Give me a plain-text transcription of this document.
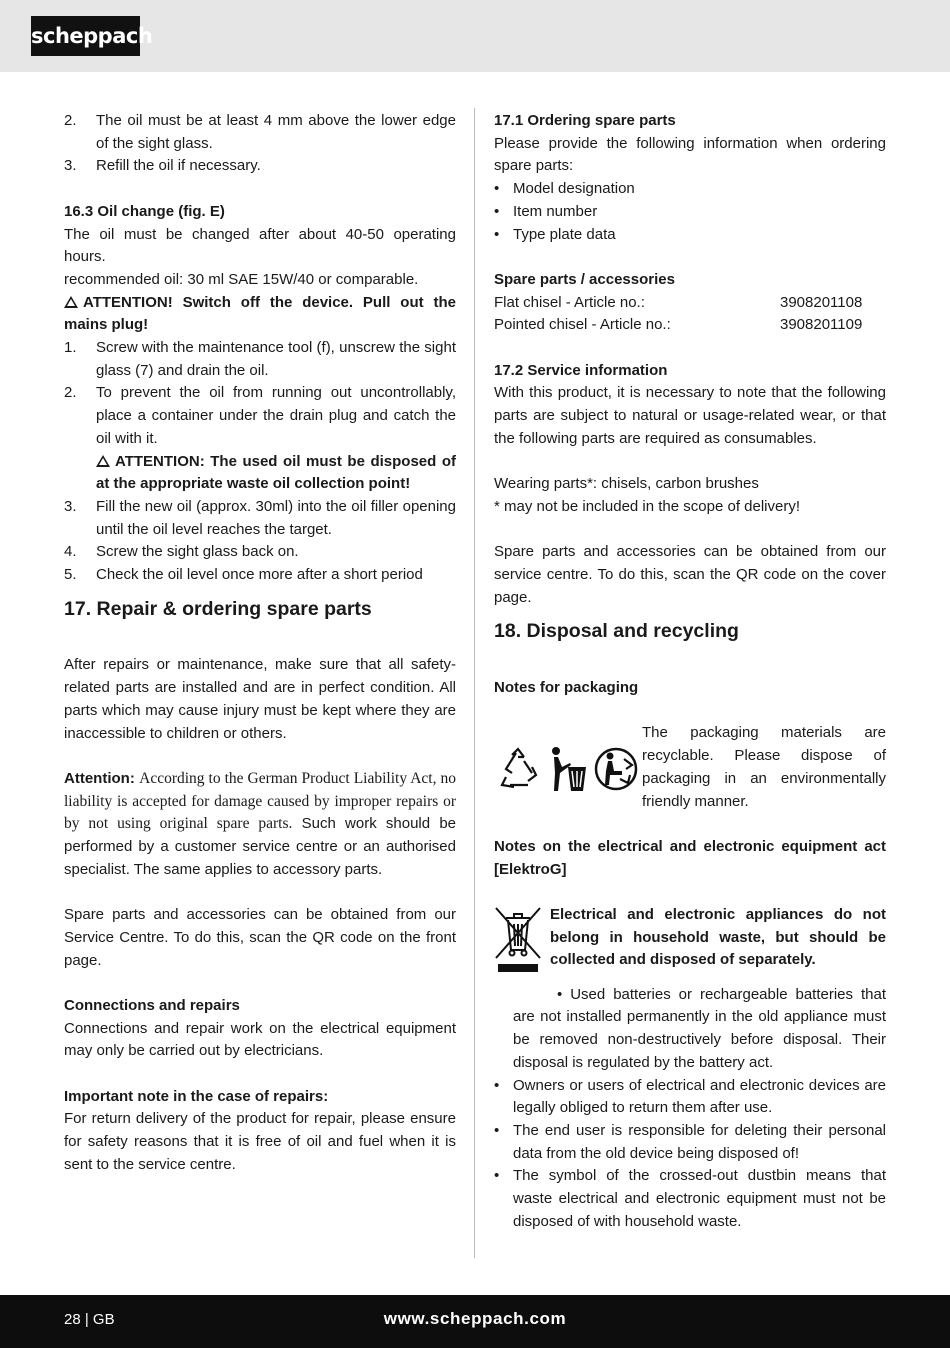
scheppach
2. The oil must be at least 4 mm above the lower edge of the sight glass.
3. Refill the oil if necessary.
16.3 Oil change (fig. E)

The oil must be changed after about 40-50 operating hours.

recommended oil: 30 ml SAE 15W/40 or comparable.

ATTENTION! Switch off the device. Pull out the mains plug!

1. Screw with the maintenance tool (f), unscrew the sight glass (7) and drain the oil.
2. To prevent the oil from running out uncontrollably, place a container under the drain plug and catch the oil with it.
ATTENTION: The used oil must be disposed of at the appropriate waste oil collection point!
3. Fill the new oil (approx. 30ml) into the oil filler opening until the oil level reaches the target.
4. Screw the sight glass back on.
5. Check the oil level once more after a short period
17. Repair & ordering spare parts

After repairs or maintenance, make sure that all safety-related parts are installed and are in perfect condition. All parts which may cause injury must be kept where they are inaccessible to children or others.

Attention: According to the German Product Liability Act, no liability is accepted for damage caused by improper repairs or by not using original spare parts. Such work should be performed by a customer service centre or an authorised specialist. The same applies to accessory parts.

Spare parts and accessories can be obtained from our Service Centre. To do this, scan the QR code on the front page.

Connections and repairs

Connections and repair work on the electrical equipment may only be carried out by electricians.

Important note in the case of repairs:

For return delivery of the product for repair, please ensure for safety reasons that it is free of oil and fuel when it is sent to the service centre.

17.1 Ordering spare parts

Please provide the following information when ordering spare parts:

• Model designation
• Item number
• Type plate data
Spare parts / accessories
Flat chisel - Article no.:	3908201108
Pointed chisel - Article no.:	3908201109
17.2 Service information

With this product, it is necessary to note that the following parts are subject to natural or usage-related wear, or that the following parts are required as consumables.

Wearing parts*: chisels, carbon brushes

* may not be included in the scope of delivery!

Spare parts and accessories can be obtained from our service centre. To do this, scan the QR code on the cover page.

18. Disposal and recycling
Notes for packaging
The packaging materials are recyclable. Please dispose of packaging in an environmentally friendly manner.
Notes on the electrical and electronic equipment act [ElektroG]
Electrical and electronic appliances do not belong in household waste, but should be collected and disposed of separately.
• Used batteries or rechargeable batteries that are not installed permanently in the old appliance must be removed non-destructively before disposal. Their disposal is regulated by the battery act.
• Owners or users of electrical and electronic devices are legally obliged to return them after use.
• The end user is responsible for deleting their personal data from the old device being disposed of!
• The symbol of the crossed-out dustbin means that waste electrical and electronic equipment must not be disposed of with household waste.
28 | GB	www.scheppach.com
